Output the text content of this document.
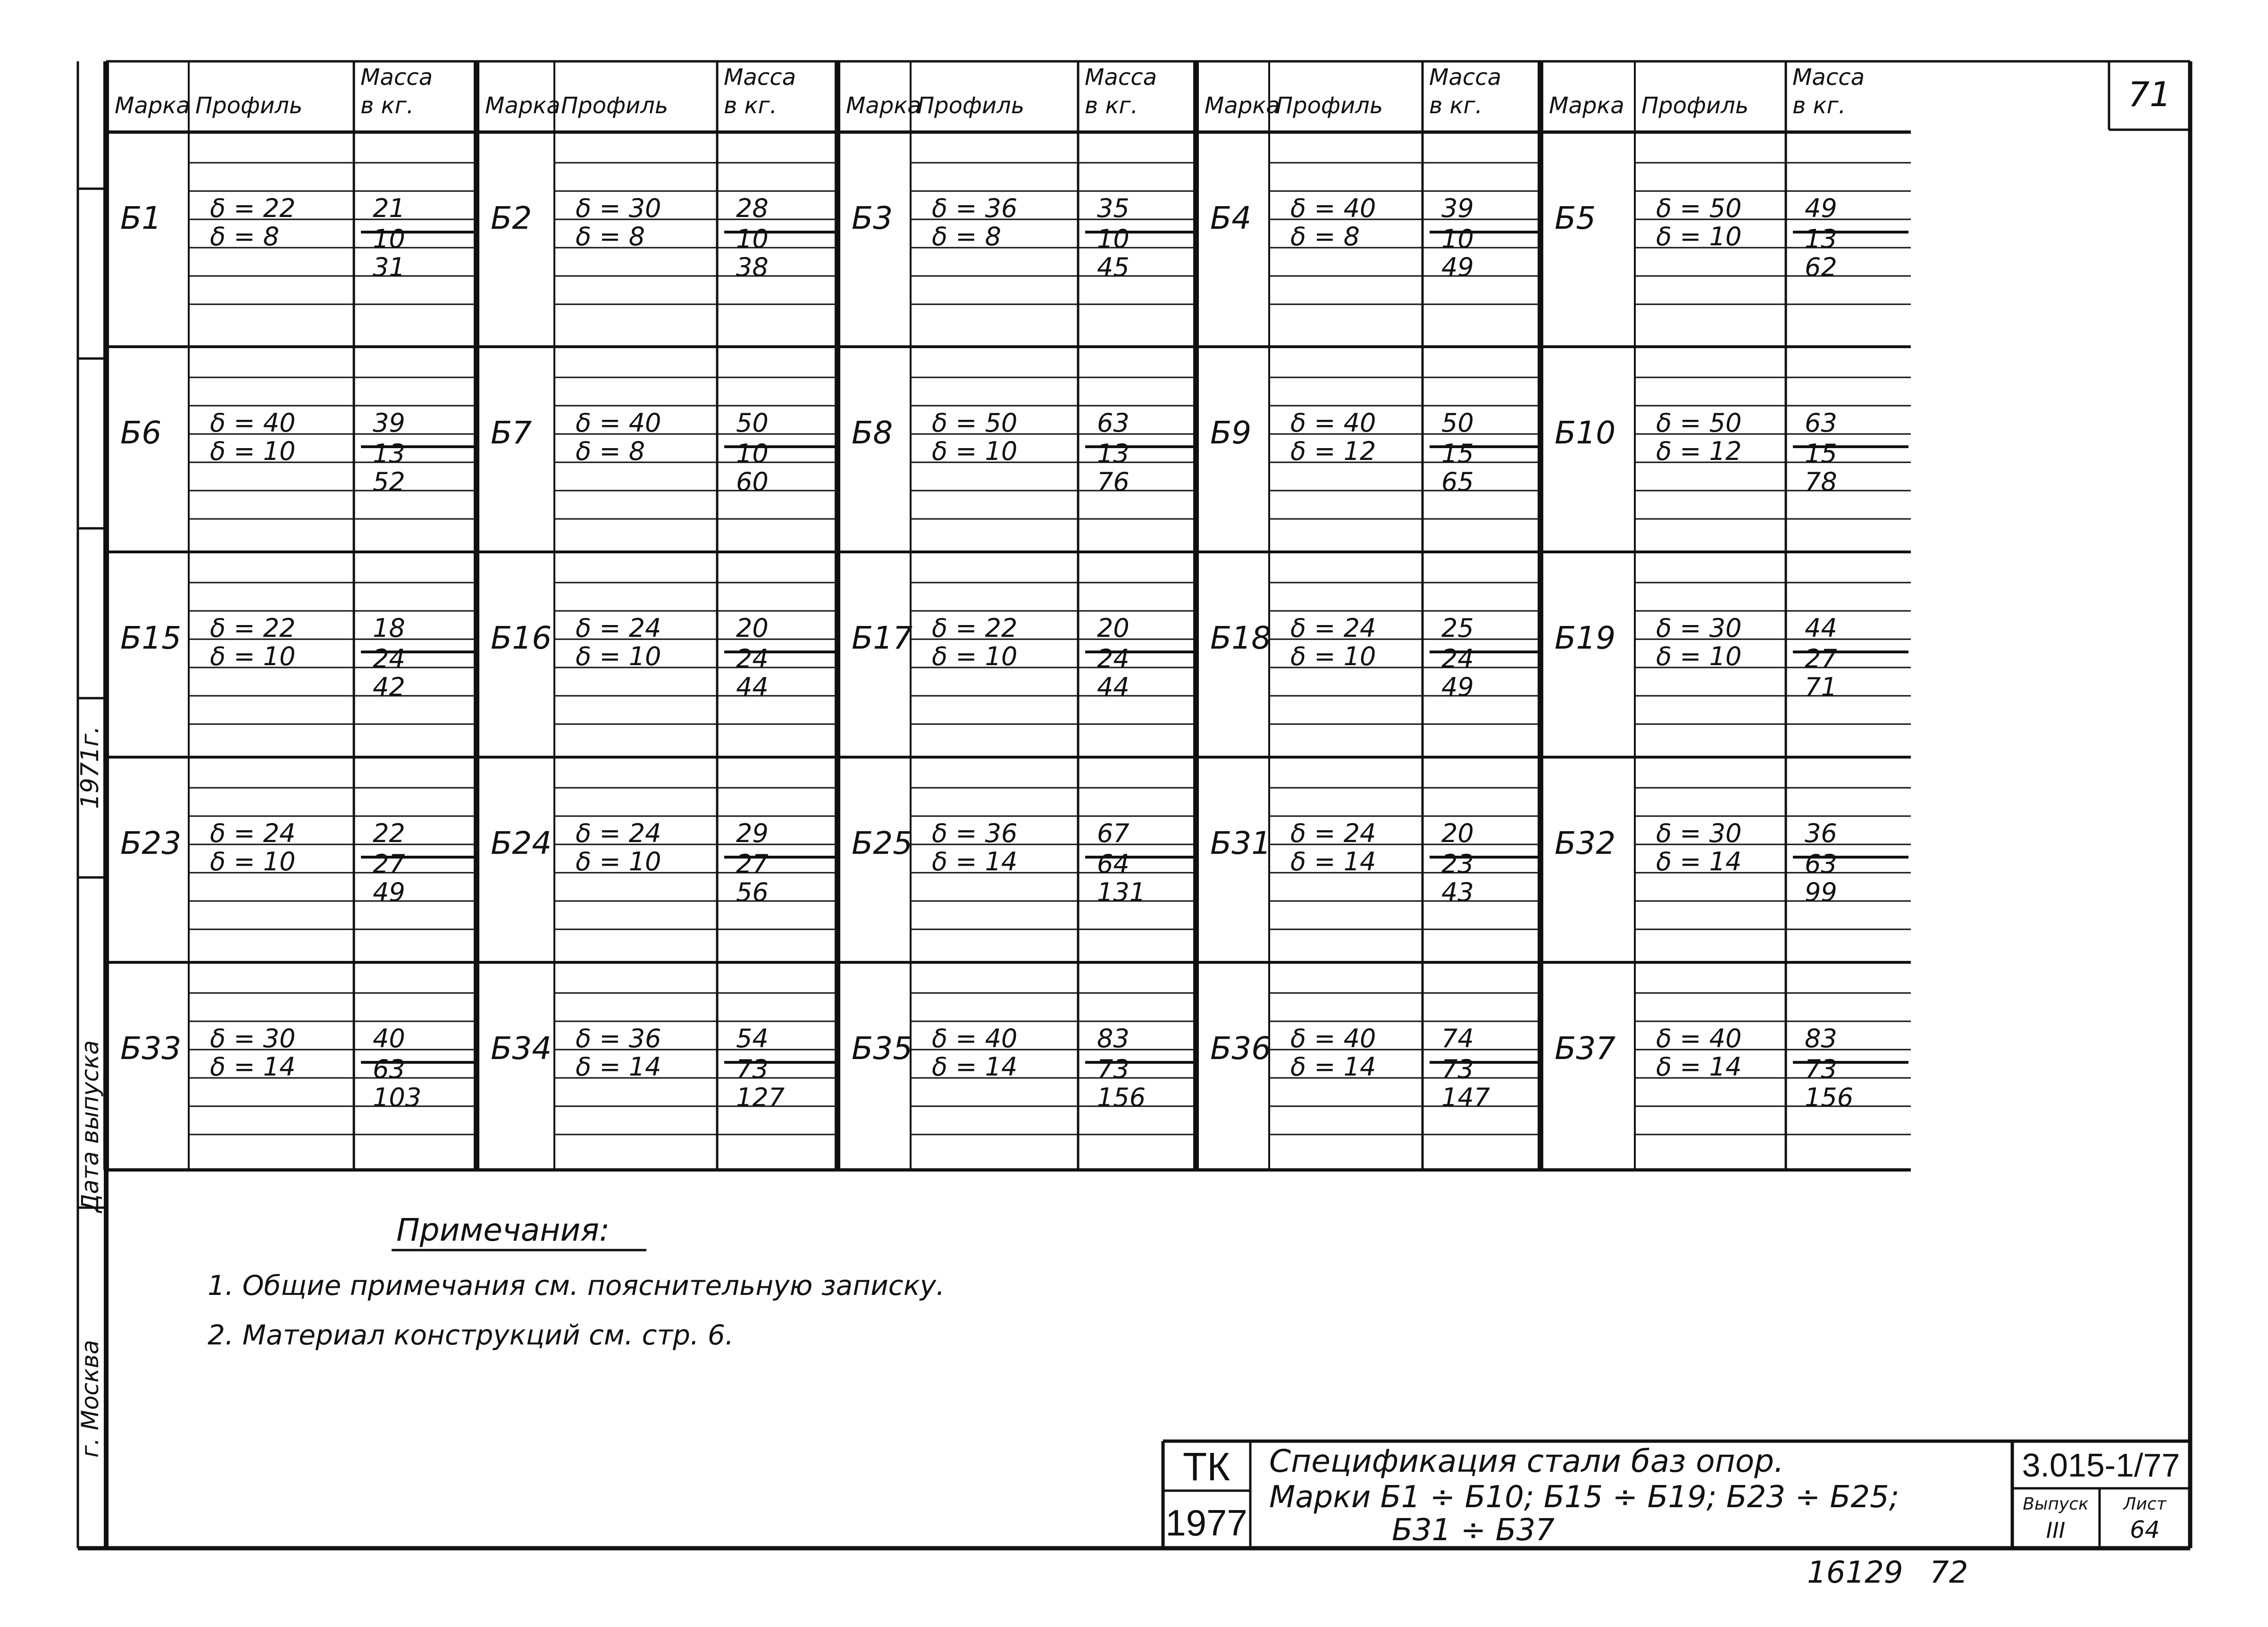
1971г.
Дата выпуска
г. Москва
71
Марка Профиль
Масса
в кг.
Б1 δ = 22
δ = 8
21
10
31
Б6 δ = 40
δ = 10
39
13
52
Б15 δ = 22
δ = 10
18
24
42
Б23 δ = 24
δ = 10
22
27
49
Б33 δ = 30
δ = 14
40
63
103
Марка Профиль
Масса
в кг.
Б2 δ = 30
δ = 8
28
10
38
Б7 δ = 40
δ = 8
50
10
60
Б16 δ = 24
δ = 10
20
24
44
Б24 δ = 24
δ = 10
29
27
56
Б34 δ = 36
δ = 14
54
73
127
Марка
Профиль
Масса
в кг.
Б3 δ = 36
δ = 8
35
10
45
Б8 δ = 50
δ = 10
63
13
76
Б17 δ = 22
δ = 10
20
24
44
Б25 δ = 36
δ = 14
67
64
131
Б35 δ = 40
δ = 14
83
73
156
Марка
Профиль
Масса
в кг.
Б4 δ = 40
δ = 8
39
10
49
Б9 δ = 40
δ = 12
50
15
65
Б18 δ = 24
δ = 10
25
24
49
Б31 δ = 24
δ = 14
20
23
43
Б36 δ = 40
δ = 14
74
73
147
Марка Профиль
Масса
в кг.
Б5 δ = 50
δ = 10
49
13
62
Б10 δ = 50
δ = 12
63
15
78
Б19 δ = 30
δ = 10
44
27
71
Б32 δ = 30
δ = 14
36
63
99
Б37 δ = 40
δ = 14
83
73
156
Примечания:
1. Общие примечания см. пояснительную записку.
2. Материал конструкций см. стр. 6.
ТК
1977
Спецификация стали баз опор.
Марки Б1 ÷ Б10; Б15 ÷ Б19; Б23 ÷ Б25;
Б31 ÷ Б37
3.015-1/77
Выпуск
III
Лист
64
16129 72
